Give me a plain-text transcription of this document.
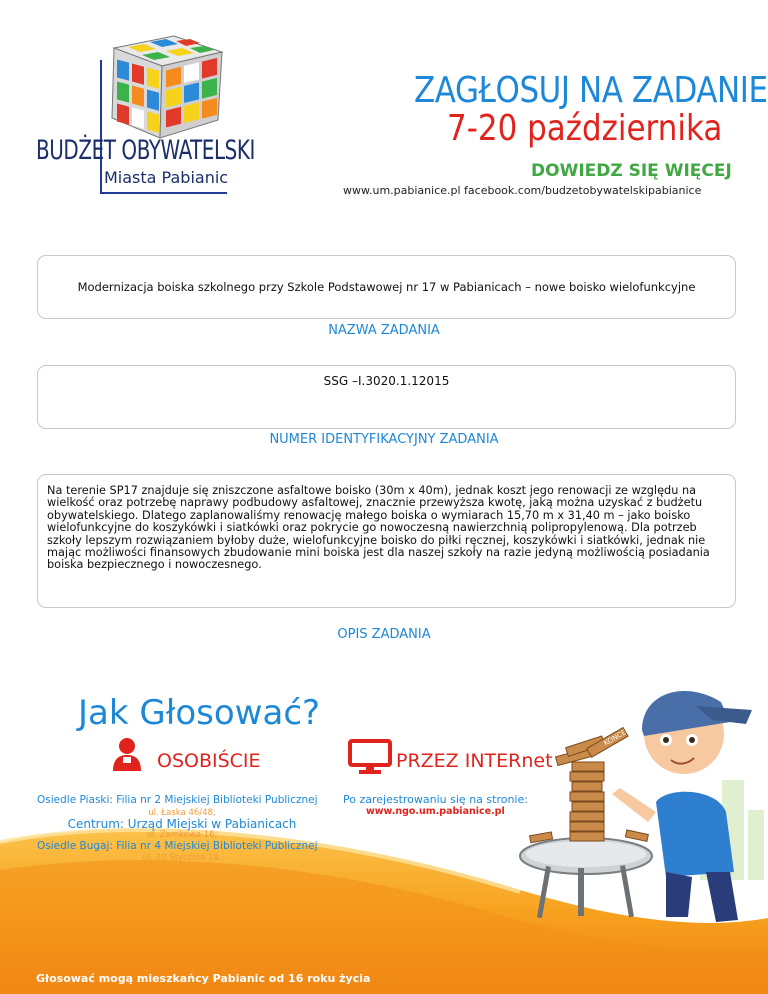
BUDŻET OBYWATELSKI
Miasta Pabianic
ZAGŁOSUJ NA ZADANIE
7-20 października
DOWIEDZ SIĘ WIĘCEJ
www.um.pabianice.pl facebook.com/budzetobywatelskipabianice
Modernizacja boiska szkolnego przy Szkole Podstawowej nr 17 w Pabianicach – nowe boisko wielofunkcyjne
NAZWA ZADANIA
SSG –I.3020.1.12015
NUMER IDENTYFIKACYJNY ZADANIA
Na terenie SP17 znajduje się zniszczone asfaltowe boisko (30m x 40m), jednak koszt jego renowacji ze względu na wielkość oraz potrzebę naprawy podbudowy asfaltowej, znacznie przewyższa kwotę, jaką można uzyskać z budżetu obywatelskiego. Dlatego zaplanowaliśmy renowację małego boiska o wymiarach 15,70 m x 31,40 m – jako boisko wielofunkcyjne do koszykówki i siatkówki oraz pokrycie go nowoczesną nawierzchnią polipropylenową. Dla potrzeb szkoły lepszym rozwiązaniem byłoby duże, wielofunkcyjne boisko do piłki ręcznej, koszykówki i siatkówki, jednak nie mając możliwości finansowych zbudowanie mini boiska jest dla naszej szkoły na razie jedyną możliwością posiadania boiska bezpiecznego i nowoczesnego.
OPIS ZADANIA
Jak Głosować?
OSOBIŚCIE	PRZEZ INTERnet
Osiedle Piaski: Filia nr 2 Miejskiej Biblioteki Publicznej
ul. Łaska 46/48;
Centrum: Urząd Miejski w Pabianicach
ul. Zamkowa 16;
Osiedle Bugaj: Filia nr 4 Miejskiej Biblioteki Publicznej
ul. 20 Stycznia 14.
Po zarejestrowaniu się na stronie:
www.ngo.um.pabianice.pl
KONCERT
Głosować mogą mieszkańcy Pabianic od 16 roku życia
